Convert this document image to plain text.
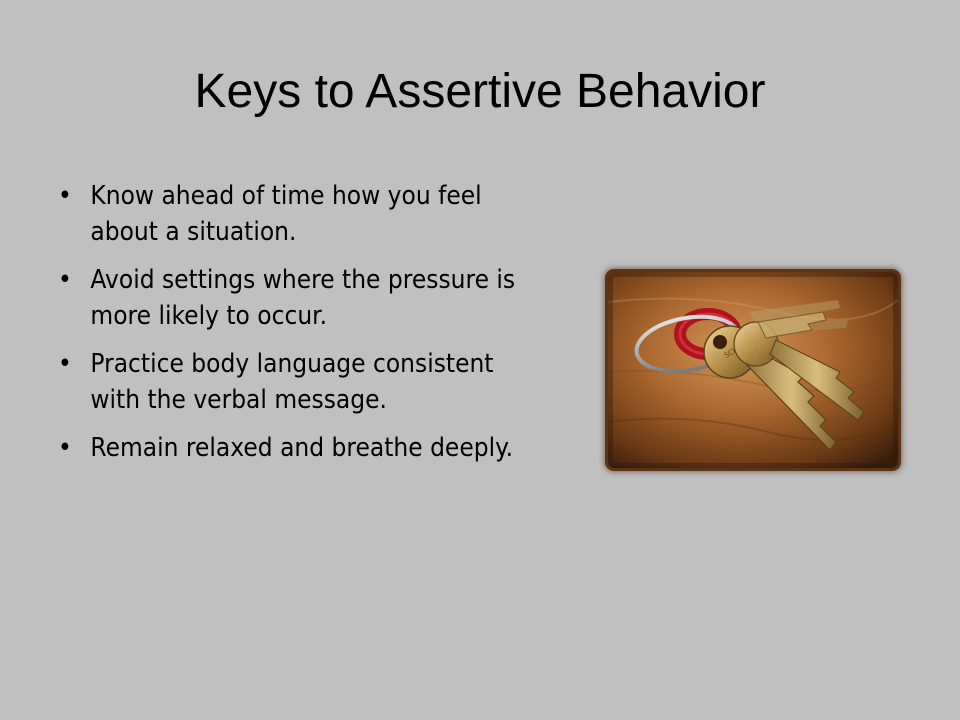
Keys to Assertive Behavior
• Know ahead of time how you feel about a situation.
• Avoid settings where the pressure is more likely to occur.
• Practice body language consistent with the verbal message.
• Remain relaxed and breathe deeply.
